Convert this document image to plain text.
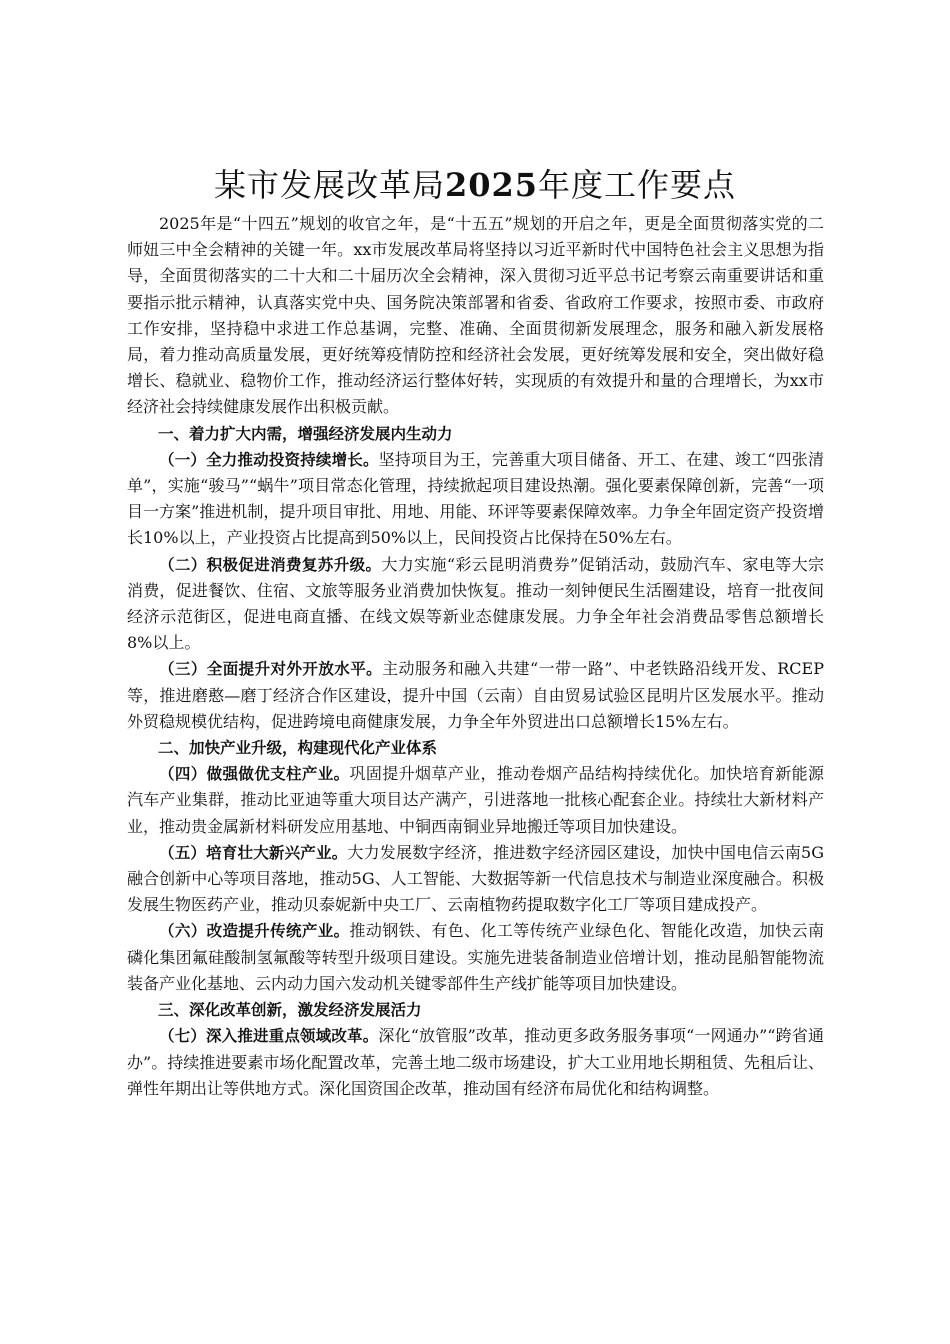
某市发展改革局2025年度工作要点

2025年是“十四五”规划的收官之年，是“十五五”规划的开启之年，更是全面贯彻落实党的二师妞三中全会精神的关键一年。xx市发展改革局将坚持以习近平新时代中国特色社会主义思想为指导，全面贯彻落实的二十大和二十届历次全会精神，深入贯彻习近平总书记考察云南重要讲话和重要指示批示精神，认真落实党中央、国务院决策部署和省委、省政府工作要求，按照市委、市政府工作安排，坚持稳中求进工作总基调，完整、准确、全面贯彻新发展理念，服务和融入新发展格局，着力推动高质量发展，更好统筹疫情防控和经济社会发展，更好统筹发展和安全，突出做好稳增长、稳就业、稳物价工作，推动经济运行整体好转，实现质的有效提升和量的合理增长，为xx市经济社会持续健康发展作出积极贡献。

一、着力扩大内需，增强经济发展内生动力

（一）全力推动投资持续增长。坚持项目为王，完善重大项目储备、开工、在建、竣工“四张清单”，实施“骏马”“蜗牛”项目常态化管理，持续掀起项目建设热潮。强化要素保障创新，完善“一项目一方案”推进机制，提升项目审批、用地、用能、环评等要素保障效率。力争全年固定资产投资增长10%以上，产业投资占比提高到50%以上，民间投资占比保持在50%左右。

（二）积极促进消费复苏升级。大力实施“彩云昆明消费券”促销活动，鼓励汽车、家电等大宗消费，促进餐饮、住宿、文旅等服务业消费加快恢复。推动一刻钟便民生活圈建设，培育一批夜间经济示范街区，促进电商直播、在线文娱等新业态健康发展。力争全年社会消费品零售总额增长8%以上。

（三）全面提升对外开放水平。主动服务和融入共建“一带一路”、中老铁路沿线开发、RCEP等，推进磨憨—磨丁经济合作区建设，提升中国（云南）自由贸易试验区昆明片区发展水平。推动外贸稳规模优结构，促进跨境电商健康发展，力争全年外贸进出口总额增长15%左右。

二、加快产业升级，构建现代化产业体系

（四）做强做优支柱产业。巩固提升烟草产业，推动卷烟产品结构持续优化。加快培育新能源汽车产业集群，推动比亚迪等重大项目达产满产，引进落地一批核心配套企业。持续壮大新材料产业，推动贵金属新材料研发应用基地、中铜西南铜业异地搬迁等项目加快建设。

（五）培育壮大新兴产业。大力发展数字经济，推进数字经济园区建设，加快中国电信云南5G融合创新中心等项目落地，推动5G、人工智能、大数据等新一代信息技术与制造业深度融合。积极发展生物医药产业，推动贝泰妮新中央工厂、云南植物药提取数字化工厂等项目建成投产。

（六）改造提升传统产业。推动钢铁、有色、化工等传统产业绿色化、智能化改造，加快云南磷化集团氟硅酸制氢氟酸等转型升级项目建设。实施先进装备制造业倍增计划，推动昆船智能物流装备产业化基地、云内动力国六发动机关键零部件生产线扩能等项目加快建设。

三、深化改革创新，激发经济发展活力

（七）深入推进重点领域改革。深化“放管服”改革，推动更多政务服务事项“一网通办”“跨省通办”。持续推进要素市场化配置改革，完善土地二级市场建设，扩大工业用地长期租赁、先租后让、弹性年期出让等供地方式。深化国资国企改革，推动国有经济布局优化和结构调整。
